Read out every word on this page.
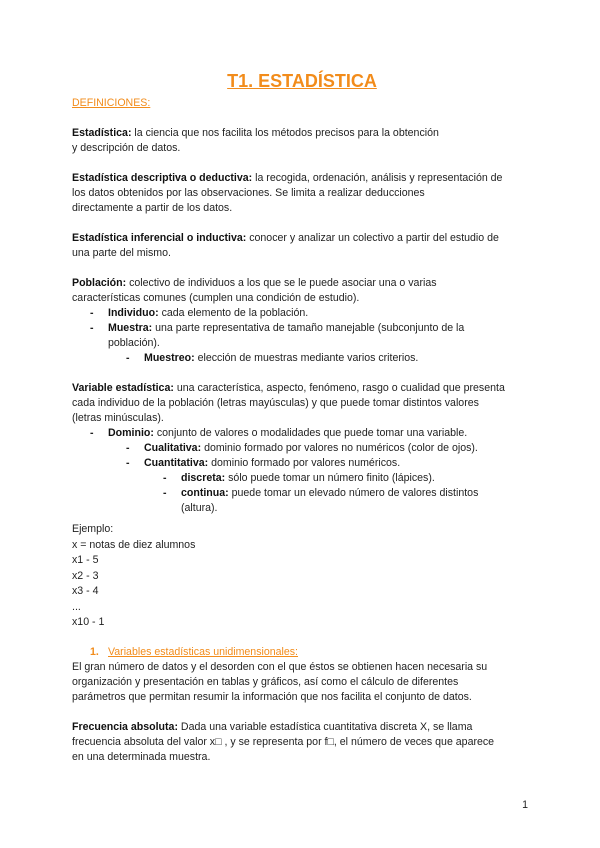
T1. ESTADÍSTICA
DEFINICIONES:

Estadística: la ciencia que nos facilita los métodos precisos para la obtención

y descripción de datos.

Estadística descriptiva o deductiva: la recogida, ordenación, análisis y representación de

los datos obtenidos por las observaciones. Se limita a realizar deducciones

directamente a partir de los datos.

Estadística inferencial o inductiva: conocer y analizar un colectivo a partir del estudio de

una parte del mismo.

Población: colectivo de individuos a los que se le puede asociar una o varias

características comunes (cumplen una condición de estudio).

- Individuo: cada elemento de la población.

- Muestra: una parte representativa de tamaño manejable (subconjunto de la

población).

- Muestreo: elección de muestras mediante varios criterios.

Variable estadística: una característica, aspecto, fenómeno, rasgo o cualidad que presenta

cada individuo de la población (letras mayúsculas) y que puede tomar distintos valores

(letras minúsculas).

- Dominio: conjunto de valores o modalidades que puede tomar una variable.

- Cualitativa: dominio formado por valores no numéricos (color de ojos).

- Cuantitativa: dominio formado por valores numéricos.

- discreta: sólo puede tomar un número finito (lápices).

- continua: puede tomar un elevado número de valores distintos

(altura).

Ejemplo:

x = notas de diez alumnos

x1 - 5

x2 - 3

x3 - 4

...

x10 - 1

1. Variables estadísticas unidimensionales:

El gran número de datos y el desorden con el que éstos se obtienen hacen necesaria su

organización y presentación en tablas y gráficos, así como el cálculo de diferentes

parámetros que permitan resumir la información que nos facilita el conjunto de datos.

Frecuencia absoluta: Dada una variable estadística cuantitativa discreta X, se llama

frecuencia absoluta del valor x□ , y se representa por f□, el número de veces que aparece

en una determinada muestra.

1
